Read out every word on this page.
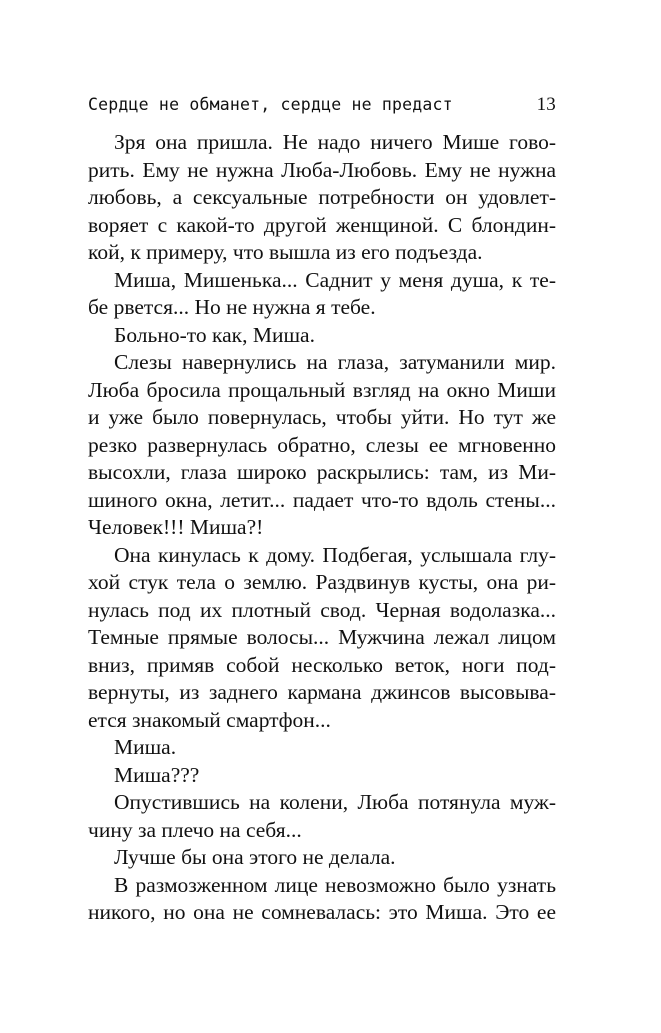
Сердце не обманет, сердце не предаст	13
Зря она пришла. Не надо ничего Мише гово-
рить. Ему не нужна Люба-Любовь. Ему не нужна
любовь, а сексуальные потребности он удовлет-
воряет с какой-то другой женщиной. С блондин-
кой, к примеру, что вышла из его подъезда.
Миша, Мишенька... Саднит у меня душа, к те-
бе рвется... Но не нужна я тебе.
Больно-то как, Миша.
Слезы навернулись на глаза, затуманили мир.
Люба бросила прощальный взгляд на окно Миши
и уже было повернулась, чтобы уйти. Но тут же
резко развернулась обратно, слезы ее мгновенно
высохли, глаза широко раскрылись: там, из Ми-
шиного окна, летит... падает что-то вдоль стены...
Человек!!! Миша?!
Она кинулась к дому. Подбегая, услышала глу-
хой стук тела о землю. Раздвинув кусты, она ри-
нулась под их плотный свод. Черная водолазка...
Темные прямые волосы... Мужчина лежал лицом
вниз, примяв собой несколько веток, ноги под-
вернуты, из заднего кармана джинсов высовыва-
ется знакомый смартфон...
Миша.
Миша???
Опустившись на колени, Люба потянула муж-
чину за плечо на себя...
Лучше бы она этого не делала.
В размозженном лице невозможно было узнать
никого, но она не сомневалась: это Миша. Это ее
